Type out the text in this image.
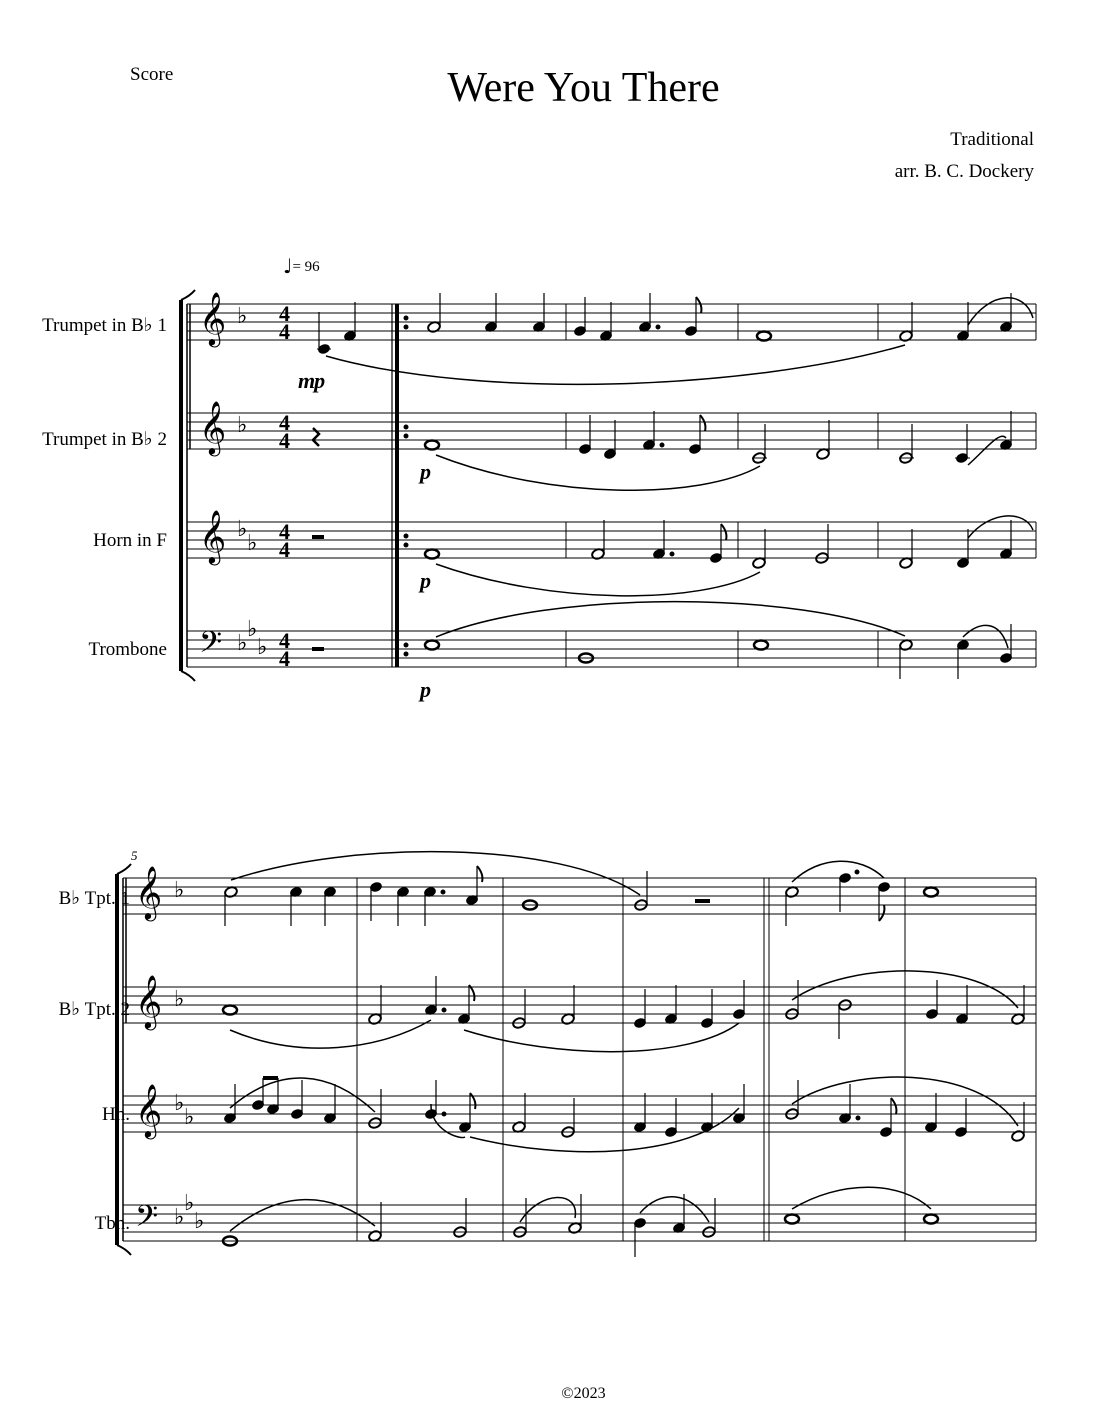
Score	Were You There
Traditional
arr. B. C. Dockery
♩= 96
Trumpet in B♭ 1
Trumpet in B♭ 2
Horn in F
Trombone
B♭ Tpt. 1
B♭ Tpt. 2
Hn.
Tbn.
5
mp
p
p
p
𝄞
𝄞
𝄞
𝄢
𝄞
𝄞
𝄞
𝄢
♭
♭
♭
♭
♭
♭
♭
♭
♭
♭
♭
♭
♭
♭
4
4
4
4
4
4
4
4
©2023
